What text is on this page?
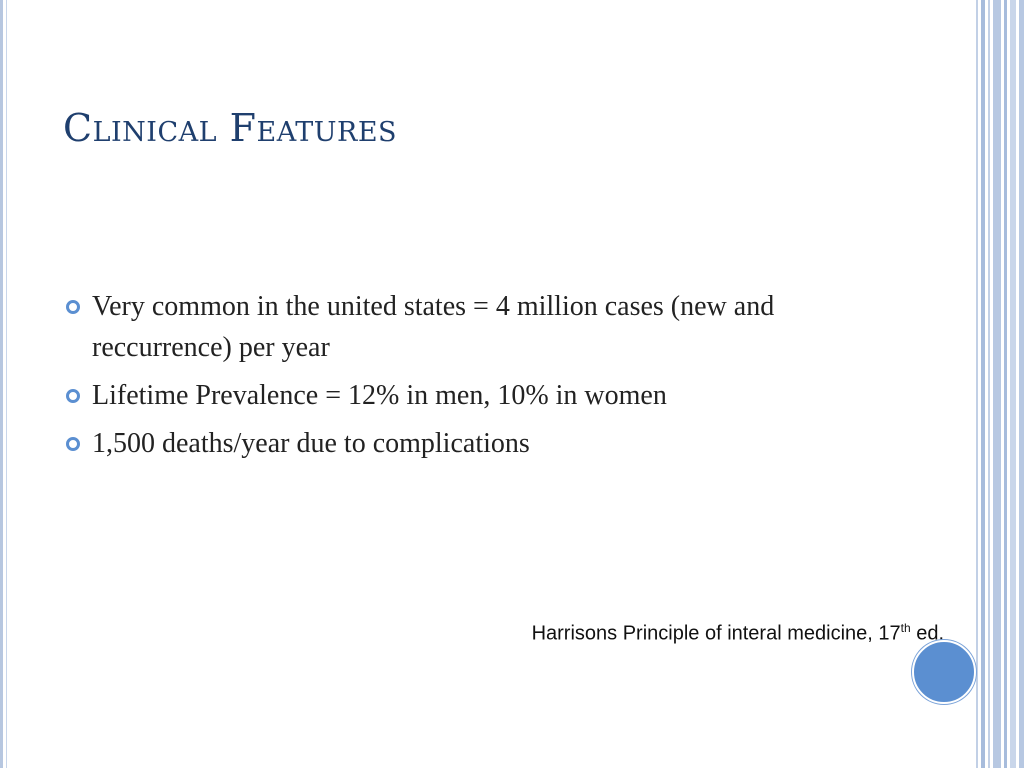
Clinical Features
Very common in the united states = 4 million cases (new and reccurrence) per year
Lifetime Prevalence = 12% in men, 10% in women
1,500 deaths/year due to complications
Harrisons Principle of interal medicine, 17th ed.
